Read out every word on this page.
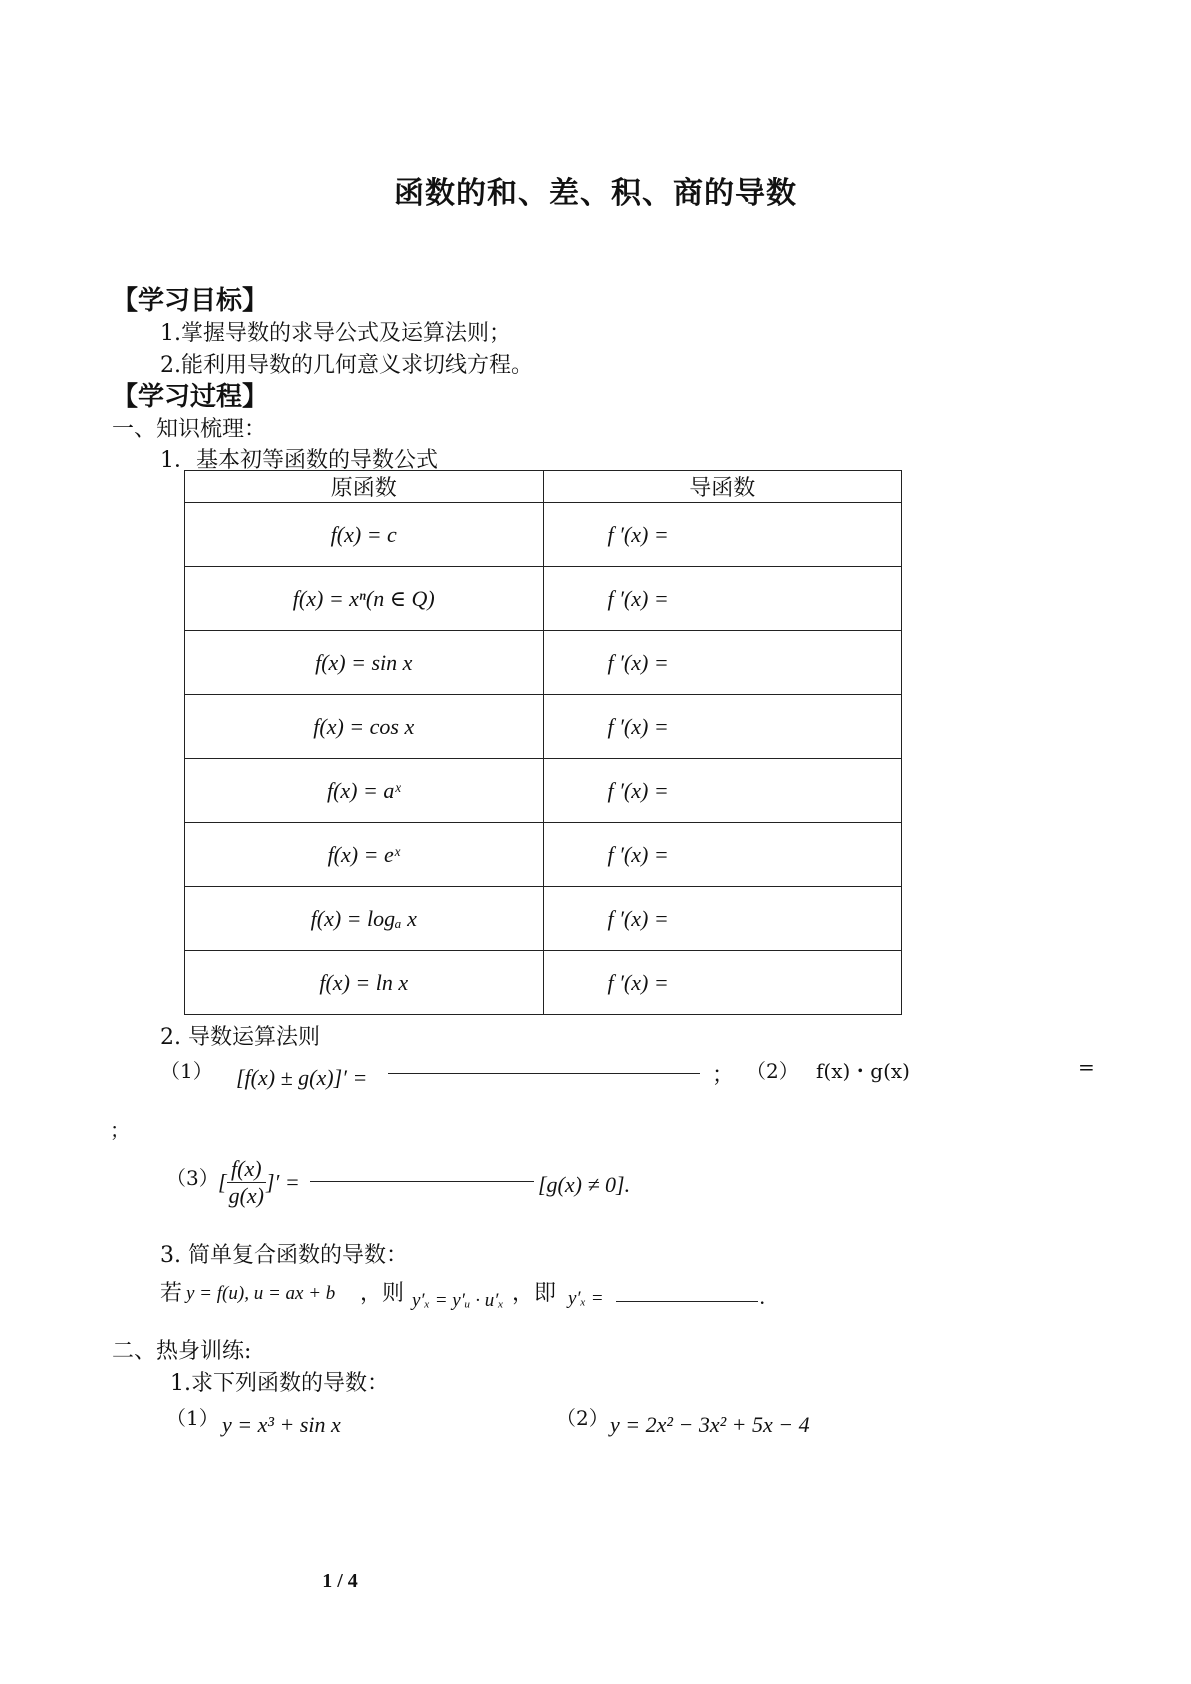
函数的和、差、积、商的导数
【学习目标】
1.掌握导数的求导公式及运算法则；
2.能利用导数的几何意义求切线方程。
【学习过程】
一、知识梳理：
1．基本初等函数的导数公式
原函数	导函数
f(x) = c	f ′(x) =
f(x) = xⁿ(n ∈ Q)	f ′(x) =
f(x) = sin x	f ′(x) =
f(x) = cos x	f ′(x) =
f(x) = aˣ	f ′(x) =
f(x) = eˣ	f ′(x) =
f(x) = logₐ x	f ′(x) =
f(x) = ln x	f ′(x) =
2. 导数运算法则
（1） [f(x) ± g(x)]′ =	； （2） f(x)・g(x)	=
；
（3） [ $\frac{f(x)}{g(x)}$ ]′ =	[g(x) ≠ 0].
3. 简单复合函数的导数：
若 y = f(u), u = ax + b ，则 y′ₓ = y′ᵤ · u′ₓ ，即 y′ₓ =	.
二、热身训练:
1.求下列函数的导数：
（1） y = x³ + sin x	（2） y = 2x² − 3x² + 5x − 4
1 / 4
